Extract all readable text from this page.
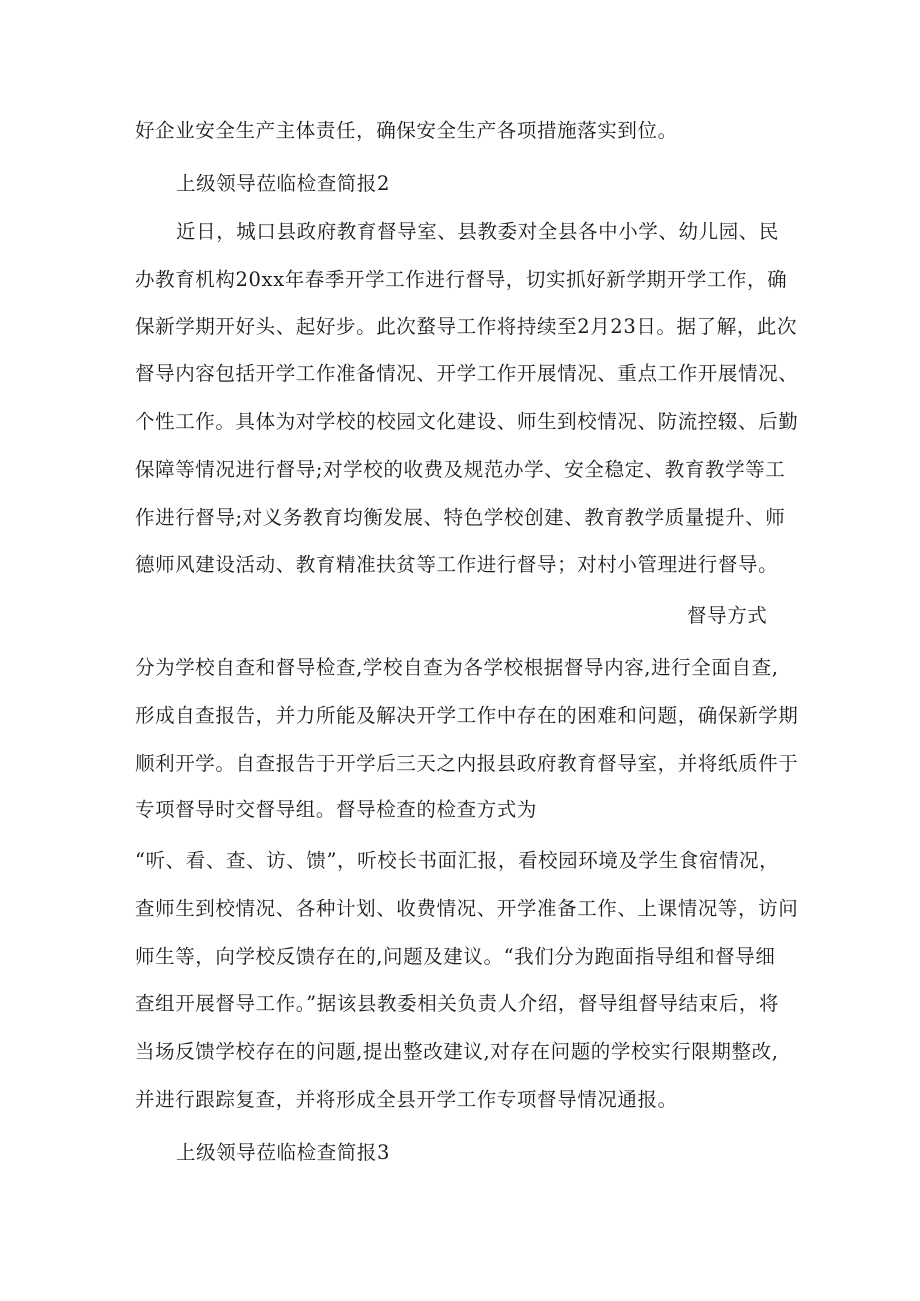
好企业安全生产主体责任，确保安全生产各项措施落实到位。
上级领导莅临检查简报2
近日，城口县政府教育督导室、县教委对全县各中小学、幼儿园、民
办教育机构20xx年春季开学工作进行督导，切实抓好新学期开学工作，确
保新学期开好头、起好步。此次蝥导工作将持续至2月23日。据了解，此次
督导内容包括开学工作准备情况、开学工作开展情况、重点工作开展情况、
个性工作。具体为对学校的校园文化建设、师生到校情况、防流控辍、后勤
保障等情况进行督导;对学校的收费及规范办学、安全稳定、教育教学等工
作进行督导;对义务教育均衡发展、特色学校创建、教育教学质量提升、师
德师风建设活动、教育精准扶贫等工作进行督导；对村小管理进行督导。
督导方式
分为学校自查和督导检查,学校自查为各学校根据督导内容,进行全面自查,
形成自查报告，并力所能及解决开学工作中存在的困难和问题，确保新学期
顺利开学。自查报告于开学后三天之内报县政府教育督导室，并将纸质件于
专项督导时交督导组。督导检查的检查方式为
“听、看、查、访、馈”，听校长书面汇报，看校园环境及学生食宿情况，
查师生到校情况、各种计划、收费情况、开学准备工作、上课情况等，访问
师生等，向学校反馈存在的,问题及建议。“我们分为跑面指导组和督导细
查组开展督导工作。”据该县教委相关负责人介绍，督导组督导结束后，将
当场反馈学校存在的问题,提出整改建议,对存在问题的学校实行限期整改,
并进行跟踪复查，并将形成全县开学工作专项督导情况通报。
上级领导莅临检查简报3
